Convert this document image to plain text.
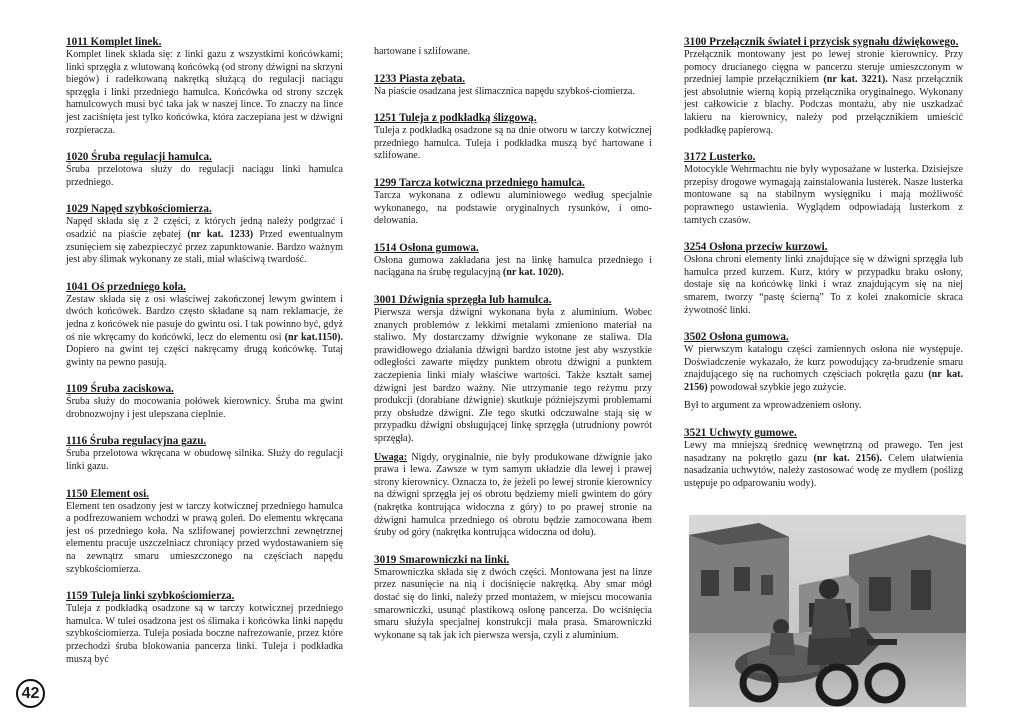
1011 Komplet linek.

Komplet linek składa się: z linki gazu z wszystkimi końcówkami; linki sprzęgła z wlutowaną końcówką (od strony dźwigni na skrzyni biegów) i radełkowaną nakrętką służącą do regulacji naciągu sprzęgła i linki przedniego hamulca. Końcówka od strony szczęk hamulcowych musi być taka jak w naszej lince. To znaczy na lince jest zaciśnięta jest tylko końcówka, która zaczepiana jest w dźwigni rozpieracza.

1020 Śruba regulacji hamulca.

Śruba przelotowa służy do regulacji naciągu linki hamulca przedniego.

1029 Napęd szybkościomierza.

Napęd składa się z 2 części, z których jedną należy podgrzać i osadzić na piaście zębatej (nr kat. 1233) Przed ewentualnym zsunięciem się zabezpieczyć przez zapunktowanie. Bardzo ważnym jest aby ślimak wykonany ze stali, miał właściwą twardość.

1041 Oś przedniego koła.

Zestaw składa się z osi właściwej zakończonej lewym gwintem i dwóch końcówek. Bardzo często składane są nam reklamacje, że jedna z końcówek nie pasuje do gwintu osi. I tak powinno być, gdyż oś nie wkręcamy do końcówki, lecz do elementu osi (nr kat.1150). Dopiero na gwint tej części nakręcamy drugą końcówkę. Tutaj gwinty na pewno pasują.

1109 Śruba zaciskowa.

Śruba służy do mocowania połówek kierownicy. Śruba ma gwint drobnozwojny i jest ulepszana cieplnie.

1116 Śruba regulacyjna gazu.

Śruba przelotowa wkręcana w obudowę silnika. Służy do regulacji linki gazu.

1150 Element osi.

Element ten osadzony jest w tarczy kotwicznej przedniego hamulca a podfrezowaniem wchodzi w prawą goleń. Do elementu wkręcana jest oś przedniego koła. Na szlifowanej powierzchni zewnętrznej elementu pracuje uszczelniacz chroniący przed wydostawaniem się na zewnątrz smaru umieszczonego na częściach napędu szybkościomierza.

1159 Tuleja linki szybkościomierza.

Tuleja z podkładką osadzone są w tarczy kotwicznej przedniego hamulca. W tulei osadzona jest oś ślimaka i końcówka linki napędu szybkościomierza. Tuleja posiada boczne nafrezowanie, przez które przechodzi śruba blokowania pancerza linki. Tuleja i podkładka muszą być

hartowane i szlifowane.

1233 Piasta zębata.

Na piaście osadzana jest ślimacznica napędu szybkoś-ciomierza.

1251 Tuleja z podkładką ślizgową.

Tuleja z podkładką osadzone są na dnie otworu w tarczy kotwicznej przedniego hamulca. Tuleja i podkładka muszą być hartowane i szlifowane.

1299 Tarcza kotwiczna przedniego hamulca.

Tarcza wykonana z odlewu aluminiowego według specjalnie wykonanego, na podstawie oryginalnych rysunków, i omo-delowania.

1514 Osłona gumowa.

Osłona gumowa zakładana jest na linkę hamulca przedniego i naciągana na śrubę regulacyjną (nr kat. 1020).

3001 Dźwignia sprzęgła lub hamulca.

Pierwsza wersja dźwigni wykonana była z aluminium. Wobec znanych problemów z lekkimi metalami zmieniono materiał na staliwo. My dostarczamy dźwignie wykonane ze staliwa. Dla prawidłowego działania dźwigni bardzo istotne jest aby wszystkie odległości zawarte między punktem obrotu dźwigni a punktem zaczepienia linki miały właściwe wartości. Także kształt samej dźwigni jest bardzo ważny. Nie utrzymanie tego reżymu przy produkcji (dorabiane dźwignie) skutkuje późniejszymi problemami przy obsłudze dźwigni. Złe tego skutki odczuwalne stają się w przypadku dźwigni obsługującej linkę sprzęgła (utrudniony powrót sprzęgła).

Uwaga: Nigdy, oryginalnie, nie były produkowane dźwignie jako prawa i lewa. Zawsze w tym samym układzie dla lewej i prawej strony kierownicy. Oznacza to, że jeżeli po lewej stronie kierownicy na dźwigni sprzęgła jej oś obrotu będziemy mieli gwintem do góry (nakrętka kontrująca widoczna z góry) to po prawej stronie na dźwigni hamulca przedniego oś obrotu będzie zamocowana łbem śruby od góry (nakrętka kontrująca widoczna od dołu).

3019 Smarowniczki na linki.

Smarowniczka składa się z dwóch części. Montowana jest na linze przez nasunięcie na nią i dociśnięcie nakrętką. Aby smar mógł dostać się do linki, należy przed montażem, w miejscu mocowania smarowniczki, usunąć plastikową osłonę pancerza. Do wciśnięcia smaru służyła specjalnej konstrukcji mała prasa. Smarowniczki wykonane są tak jak ich pierwsza wersja, czyli z aluminium.

3100 Przełącznik świateł i przycisk sygnału dźwiękowego.

Przełącznik montowany jest po lewej stronie kierownicy. Przy pomocy drucianego cięgna w pancerzu steruje umieszczonym w przedniej lampie przełącznikiem (nr kat. 3221). Nasz przełącznik jest absolutnie wierną kopią przełącznika oryginalnego. Wykonany jest całkowicie z blachy. Podczas montażu, aby nie uszkadzać lakieru na kierownicy, należy pod przełącznikiem umieścić podkładkę papierową.

3172 Lusterko.

Motocykle Wehrmachtu nie były wyposażane w lusterka. Dzisiejsze przepisy drogowe wymagają zainstalowania lusterek. Nasze lusterka montowane są na stabilnym wysięgniku i mają możliwość poprawnego ustawienia. Wyglądem odpowiadają lusterkom z tamtych czasów.

3254 Osłona przeciw kurzowi.

Osłona chroni elementy linki znajdujące się w dźwigni sprzęgła lub hamulca przed kurzem. Kurz, który w przypadku braku osłony, dostaje się na końcówkę linki i wraz znajdującym się na niej smarem, tworzy “pastę ścierną” To z kolei znakomicie skraca żywotność linki.

3502 Osłona gumowa.

W pierwszym katalogu części zamiennych osłona nie występuje. Doświadczenie wykazało, że kurz powodujący za-brudzenie smaru znajdującego się na ruchomych częściach pokrętła gazu (nr kat. 2156) powodował szybkie jego zużycie.

Był to argument za wprowadzeniem osłony.

3521 Uchwyty gumowe.

Lewy ma mniejszą średnicę wewnętrzną od prawego. Ten jest nasadzany na pokrętło gazu (nr kat. 2156). Celem ułatwienia nasadzania uchwytów, należy zastosować wodę ze mydłem (poślizg ustępuje po odparowaniu wody).

42
